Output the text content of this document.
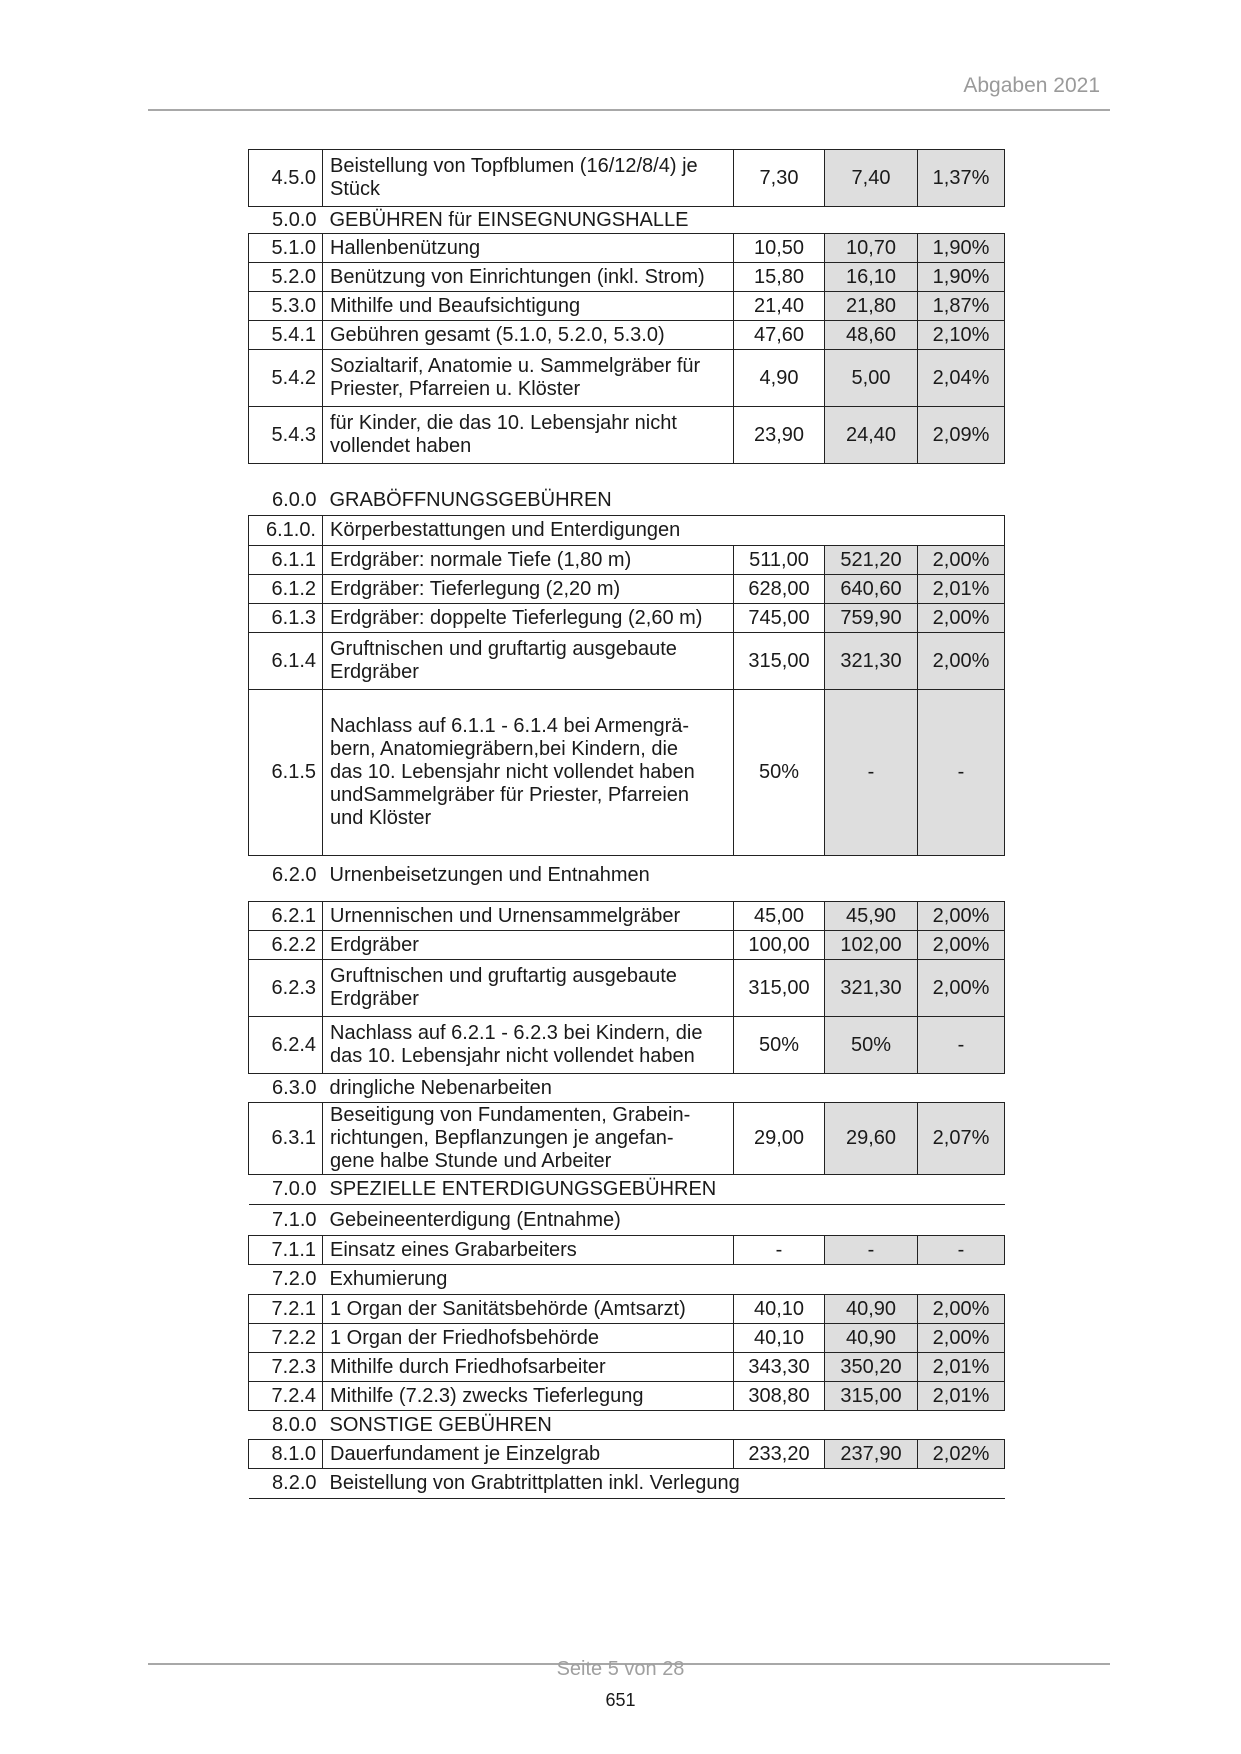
Abgaben 2021
4.5.0	Beistellung von Topfblumen (16/12/8/4) je Stück	7,30	7,40	1,37%
5.0.0	GEBÜHREN für EINSEGNUNGSHALLE			
5.1.0	Hallenbenützung	10,50	10,70	1,90%
5.2.0	Benützung von Einrichtungen (inkl. Strom)	15,80	16,10	1,90%
5.3.0	Mithilfe und Beaufsichtigung	21,40	21,80	1,87%
5.4.1	Gebühren gesamt (5.1.0, 5.2.0, 5.3.0)	47,60	48,60	2,10%
5.4.2	Sozialtarif, Anatomie u. Sammelgräber für Priester, Pfarreien u. Klöster	4,90	5,00	2,04%
5.4.3	für Kinder, die das 10. Lebensjahr nicht vollendet haben	23,90	24,40	2,09%

6.0.0	GRABÖFFNUNGSGEBÜHREN			
6.1.0.	Körperbestattungen und Enterdigungen			
6.1.1	Erdgräber: normale Tiefe (1,80 m)	511,00	521,20	2,00%
6.1.2	Erdgräber: Tieferlegung (2,20 m)	628,00	640,60	2,01%
6.1.3	Erdgräber: doppelte Tieferlegung (2,60 m)	745,00	759,90	2,00%
6.1.4	Gruftnischen und gruftartig ausgebaute Erdgräber	315,00	321,30	2,00%
6.1.5	Nachlass auf 6.1.1 - 6.1.4 bei Armengrä-
bern, Anatomiegräbern,bei Kindern, die
das 10. Lebensjahr nicht vollendet haben
undSammelgräber für Priester, Pfarreien
und Klöster	50%	-	-
6.2.0	Urnenbeisetzungen und Entnahmen			

6.2.1	Urnennischen und Urnensammelgräber	45,00	45,90	2,00%
6.2.2	Erdgräber	100,00	102,00	2,00%
6.2.3	Gruftnischen und gruftartig ausgebaute Erdgräber	315,00	321,30	2,00%
6.2.4	Nachlass auf 6.2.1 - 6.2.3 bei Kindern, die das 10. Lebensjahr nicht vollendet haben	50%	50%	-
6.3.0	dringliche Nebenarbeiten			
6.3.1	Beseitigung von Fundamenten, Grabein-
richtungen, Bepflanzungen je angefan-
gene halbe Stunde und Arbeiter	29,00	29,60	2,07%
7.0.0	SPEZIELLE ENTERDIGUNGSGEBÜHREN			
7.1.0	Gebeineenterdigung (Entnahme)			
7.1.1	Einsatz eines Grabarbeiters	-	-	-
7.2.0	Exhumierung			
7.2.1	1 Organ der Sanitätsbehörde (Amtsarzt)	40,10	40,90	2,00%
7.2.2	1 Organ der Friedhofsbehörde	40,10	40,90	2,00%
7.2.3	Mithilfe durch Friedhofsarbeiter	343,30	350,20	2,01%
7.2.4	Mithilfe (7.2.3) zwecks Tieferlegung	308,80	315,00	2,01%
8.0.0	SONSTIGE GEBÜHREN			
8.1.0	Dauerfundament je Einzelgrab	233,20	237,90	2,02%
8.2.0	Beistellung von Grabtrittplatten inkl. Verlegung			
Seite 5 von 28
651
